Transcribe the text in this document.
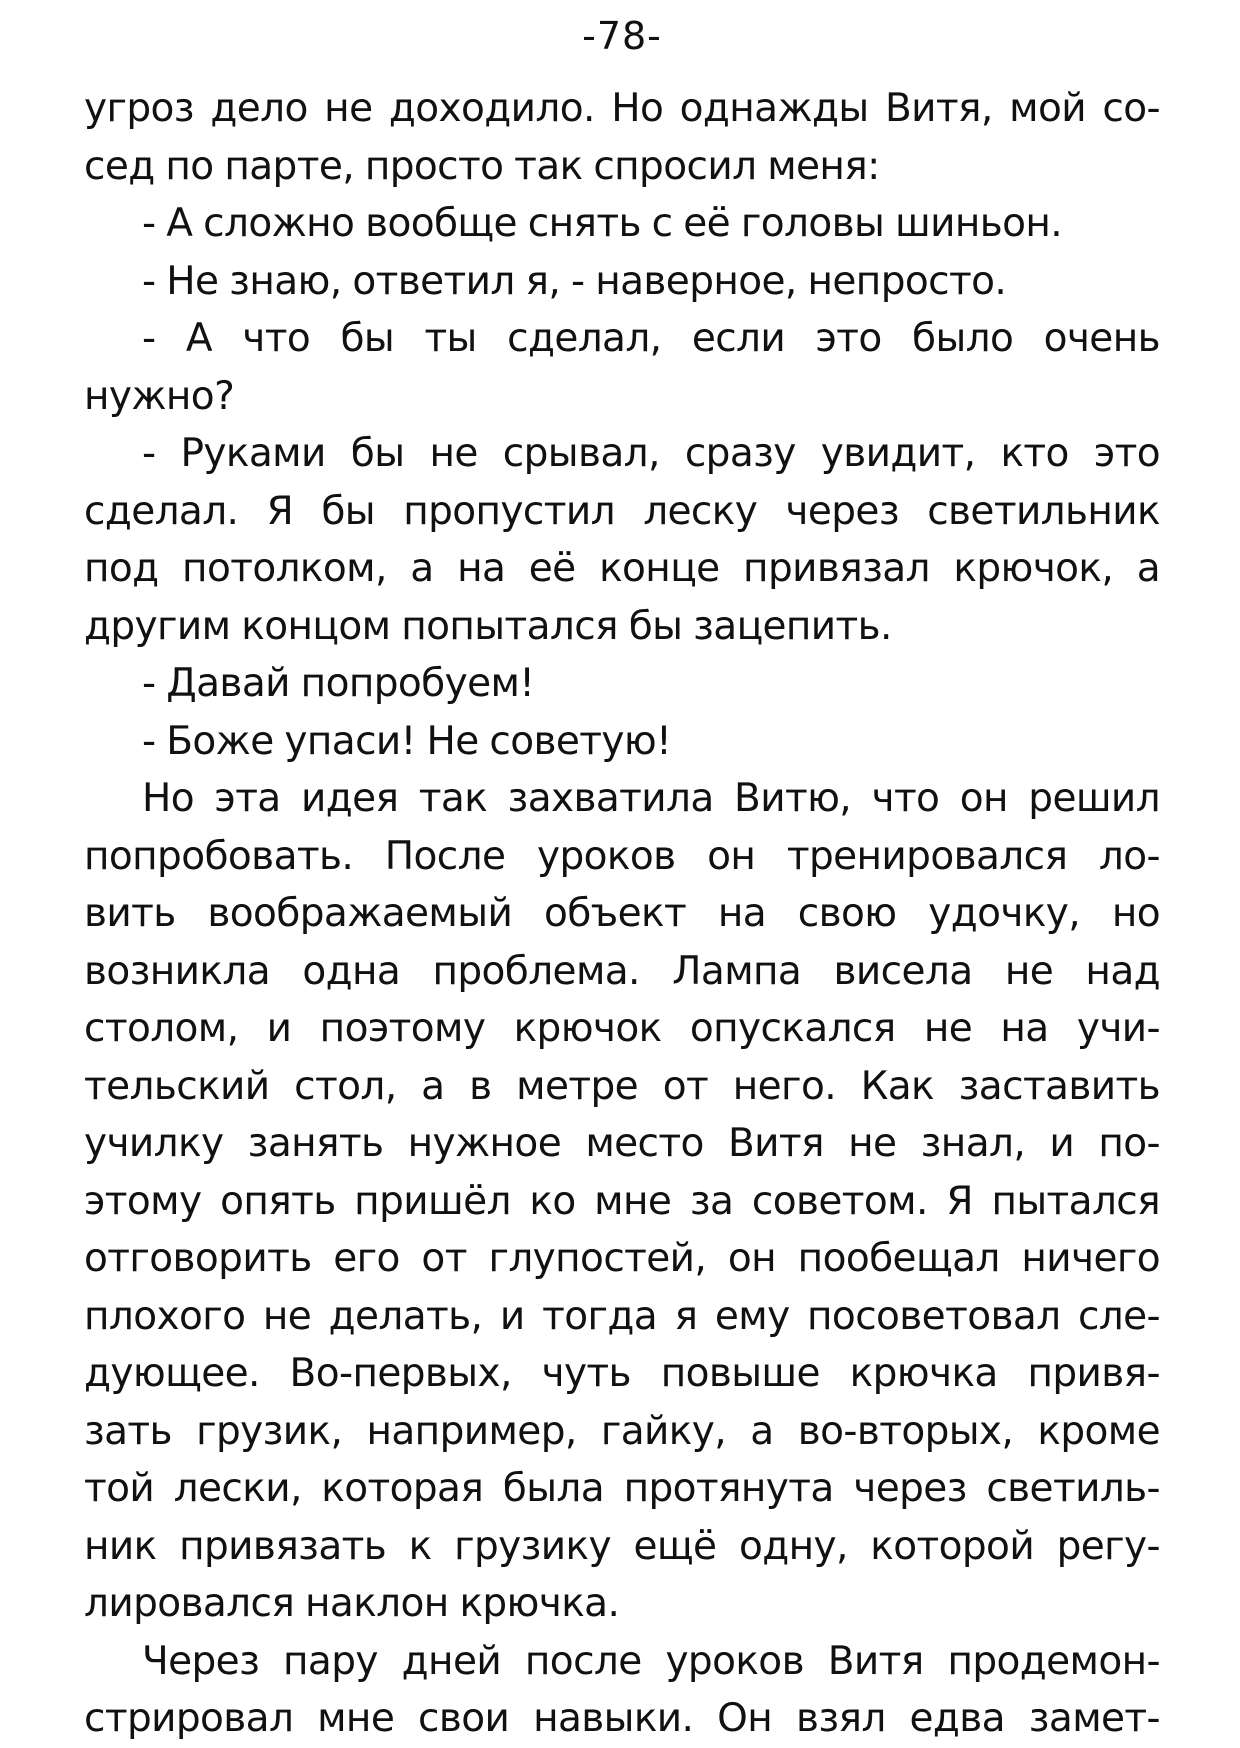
-78-
угроз дело не доходило. Но однажды Витя, мой со-
сед по парте, просто так спросил меня:
- А сложно вообще снять с её головы шиньон.
- Не знаю, ответил я, - наверное, непросто.
- А что бы ты сделал, если это было очень
нужно?
- Руками бы не срывал, сразу увидит, кто это
сделал. Я бы пропустил леску через светильник
под потолком, а на её конце привязал крючок, а
другим концом попытался бы зацепить.
- Давай попробуем!
- Боже упаси! Не советую!
Но эта идея так захватила Витю, что он решил
попробовать. После уроков он тренировался ло-
вить воображаемый объект на свою удочку, но
возникла одна проблема. Лампа висела не над
столом, и поэтому крючок опускался не на учи-
тельский стол, а в метре от него. Как заставить
училку занять нужное место Витя не знал, и по-
этому опять пришёл ко мне за советом. Я пытался
отговорить его от глупостей, он пообещал ничего
плохого не делать, и тогда я ему посоветовал сле-
дующее. Во-первых, чуть повыше крючка привя-
зать грузик, например, гайку, а во-вторых, кроме
той лески, которая была протянута через светиль-
ник привязать к грузику ещё одну, которой регу-
лировался наклон крючка.
Через пару дней после уроков Витя продемон-
стрировал мне свои навыки. Он взял едва замет-
